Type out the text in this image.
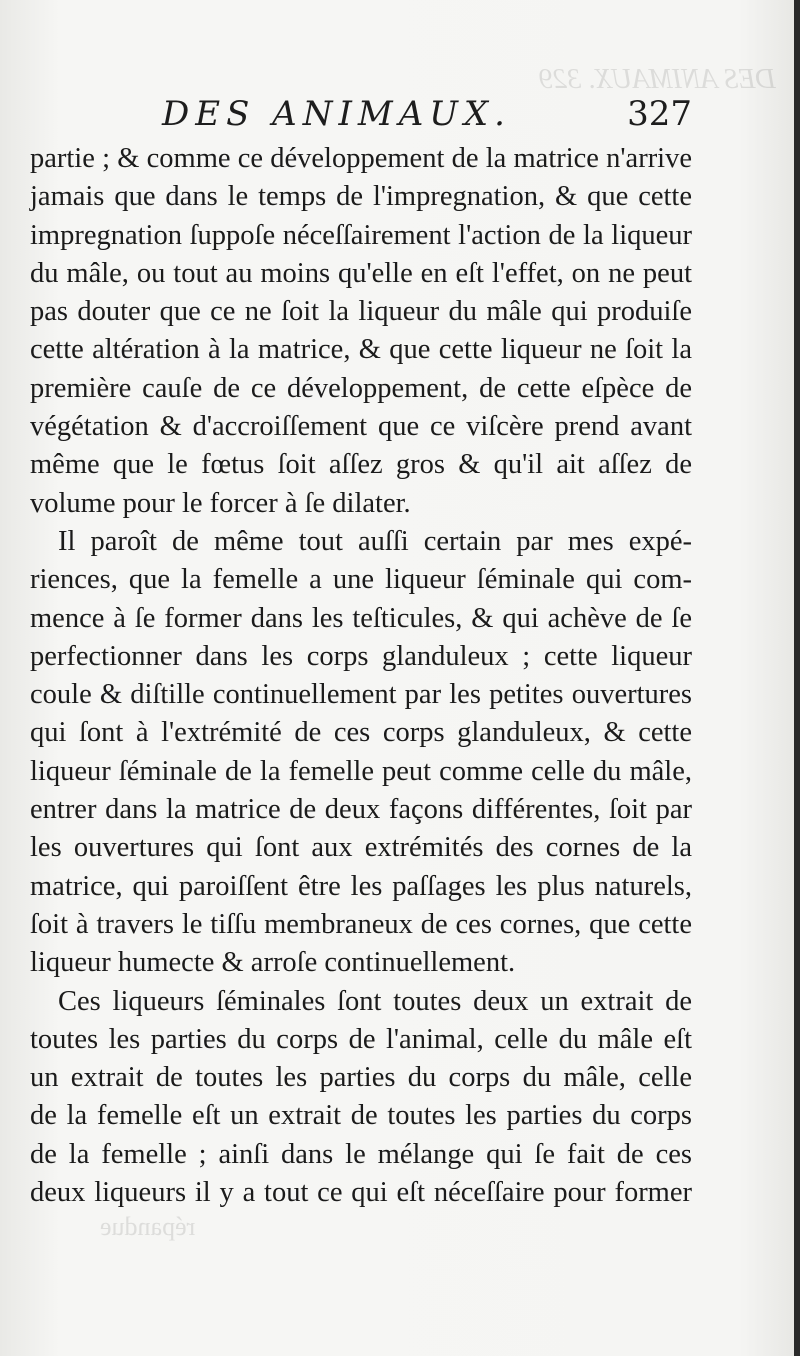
DES ANIMAUX. 329
DES ANIMAUX.	327
partie ; & comme ce développement de la matrice n'arrive
jamais que dans le temps de l'impregnation, & que cette
impregnation ſuppoſe néceſſairement l'action de la liqueur
du mâle, ou tout au moins qu'elle en eſt l'effet, on ne peut
pas douter que ce ne ſoit la liqueur du mâle qui produiſe
cette altération à la matrice, & que cette liqueur ne ſoit la
première cauſe de ce développement, de cette eſpèce de
végétation & d'accroiſſement que ce viſcère prend avant
même que le fœtus ſoit aſſez gros & qu'il ait aſſez de
volume pour le forcer à ſe dilater.
Il paroît de même tout auſſi certain par mes expé-
riences, que la femelle a une liqueur ſéminale qui com-
mence à ſe former dans les teſticules, & qui achève de ſe
perfectionner dans les corps glanduleux ; cette liqueur
coule & diſtille continuellement par les petites ouvertures
qui ſont à l'extrémité de ces corps glanduleux, & cette
liqueur ſéminale de la femelle peut comme celle du mâle,
entrer dans la matrice de deux façons différentes, ſoit par
les ouvertures qui ſont aux extrémités des cornes de la
matrice, qui paroiſſent être les paſſages les plus naturels,
ſoit à travers le tiſſu membraneux de ces cornes, que cette
liqueur humecte & arroſe continuellement.
Ces liqueurs ſéminales ſont toutes deux un extrait de
toutes les parties du corps de l'animal, celle du mâle eſt
un extrait de toutes les parties du corps du mâle, celle
de la femelle eſt un extrait de toutes les parties du corps
de la femelle ; ainſi dans le mélange qui ſe fait de ces
deux liqueurs il y a tout ce qui eſt néceſſaire pour former
répandue
